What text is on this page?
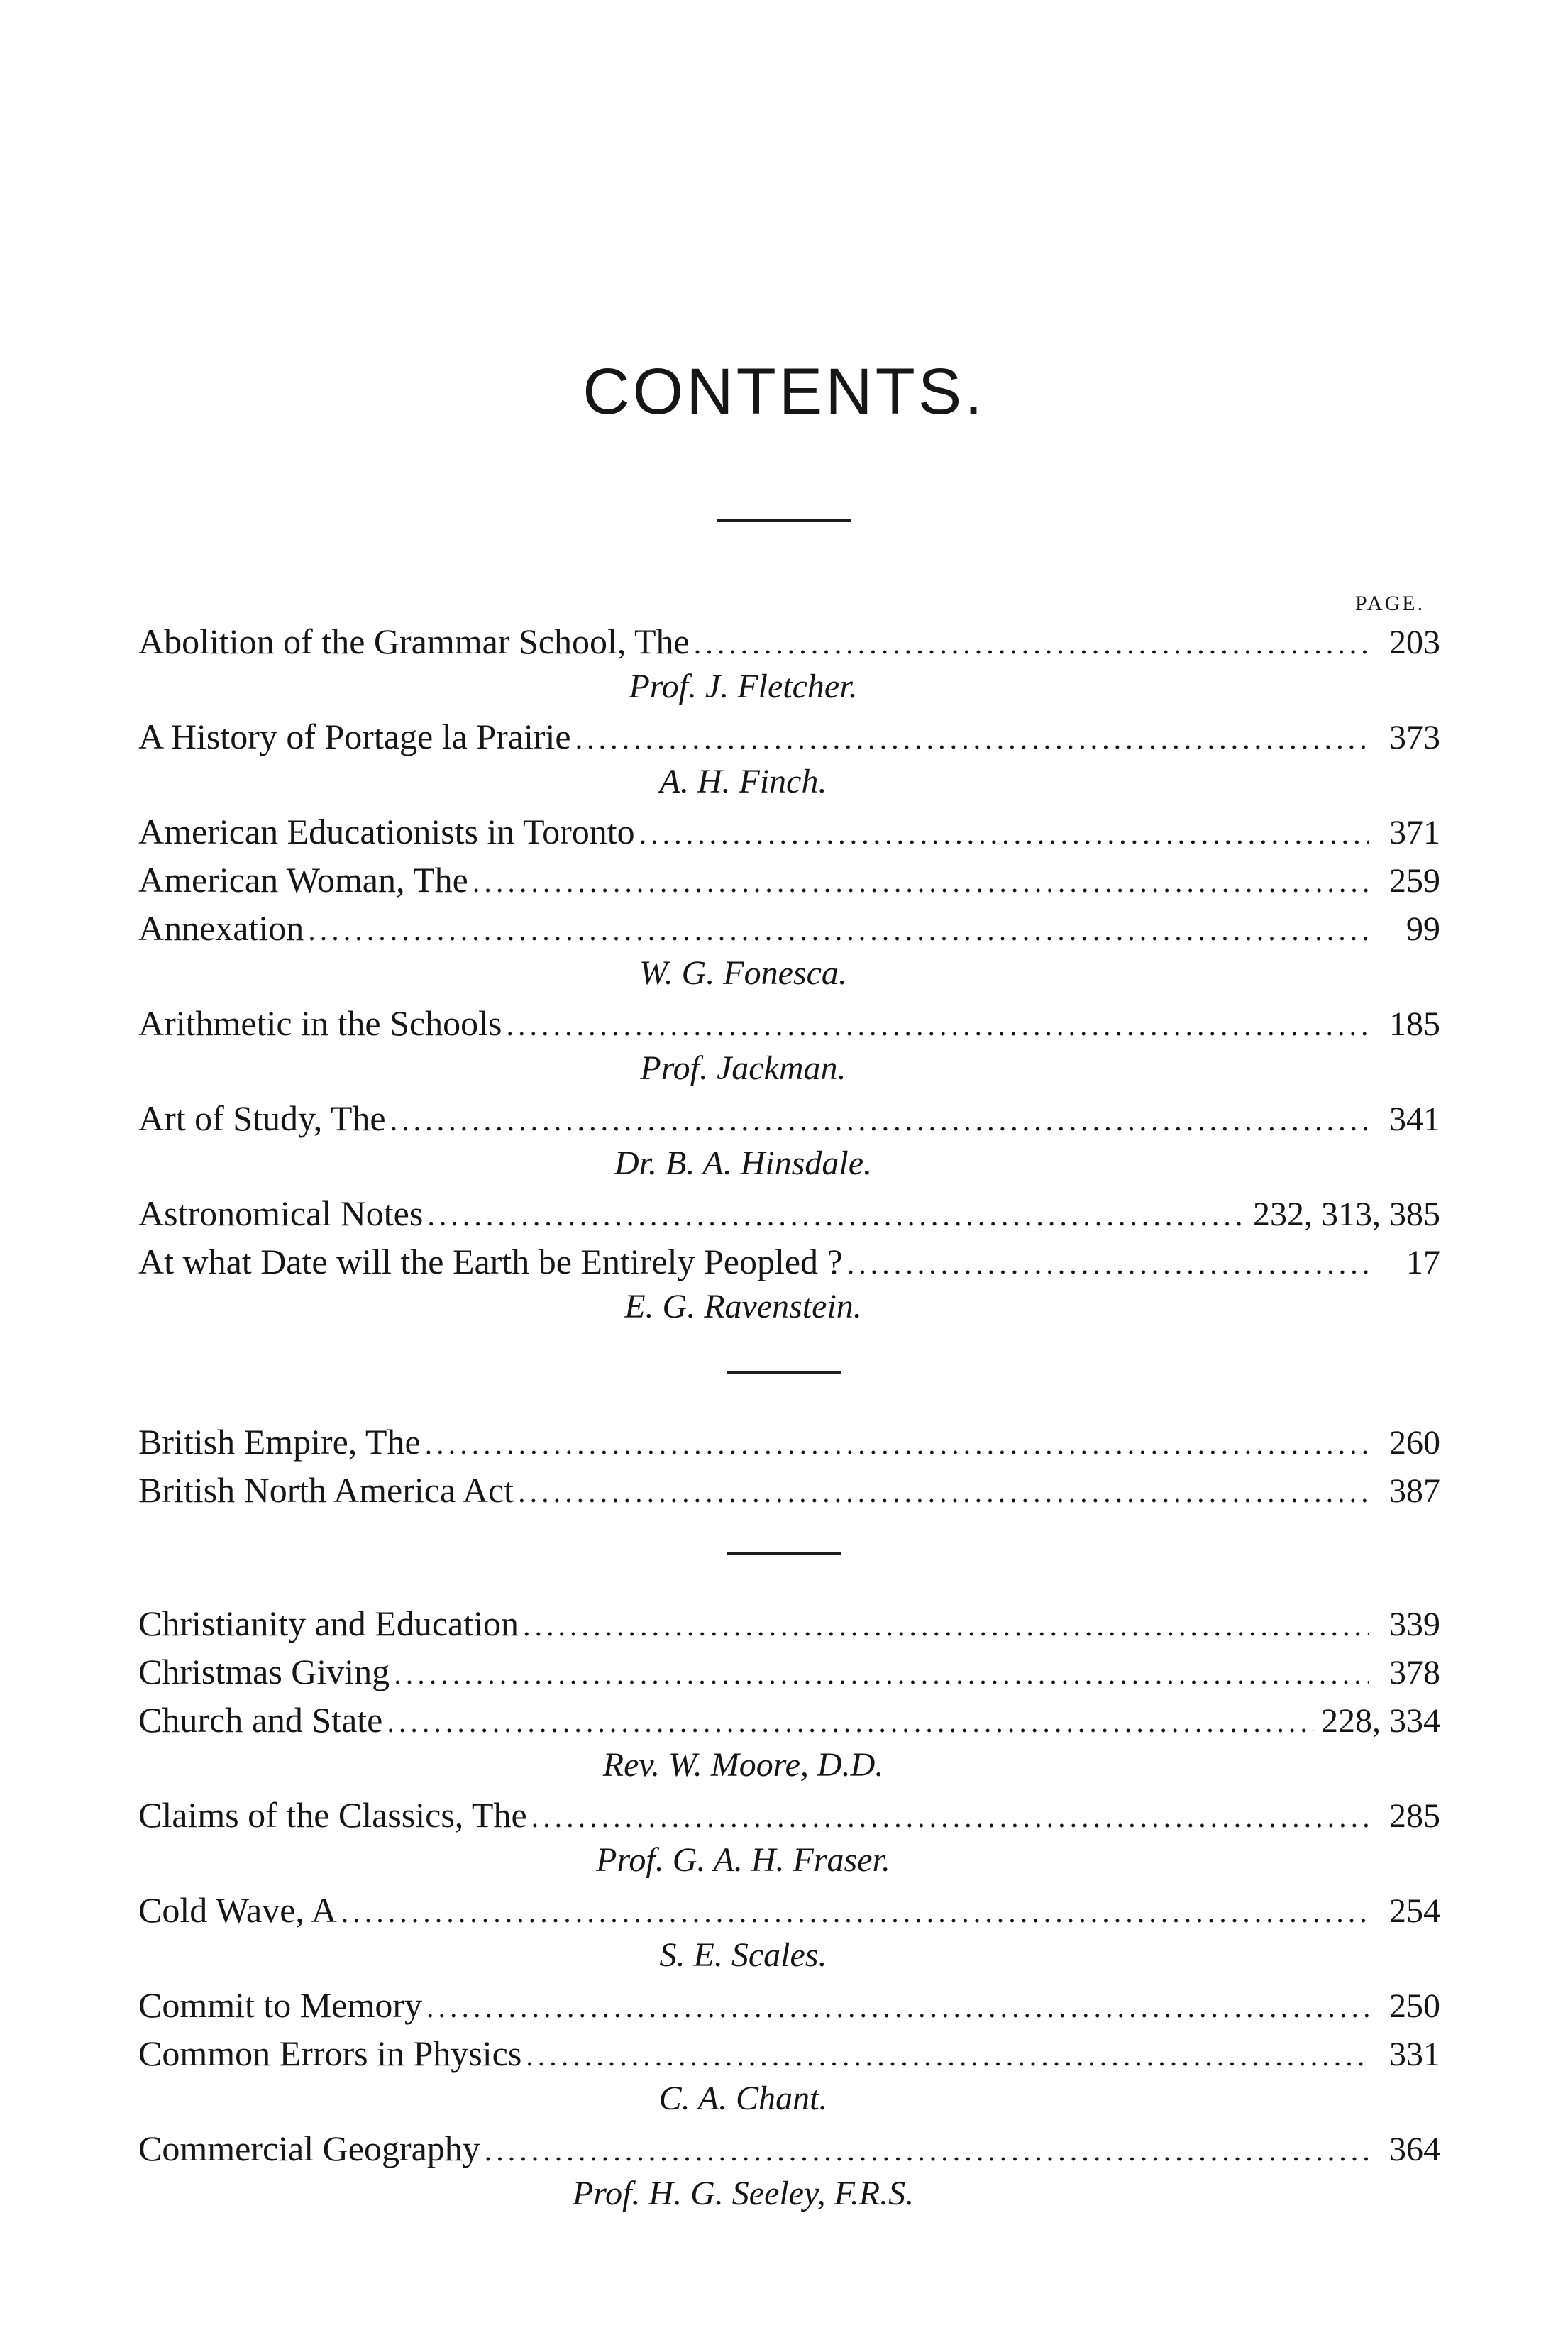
CONTENTS.
PAGE.
Abolition of the Grammar School, The .....	203
Prof. J. Fletcher.
A History of Portage la Prairie .....	373
A. H. Finch.
American Educationists in Toronto .....	371
American Woman, The .....	259
Annexation .....	99
W. G. Fonesca.
Arithmetic in the Schools .....	185
Prof. Jackman.
Art of Study, The .....	341
Dr. B. A. Hinsdale.
Astronomical Notes .....	232, 313, 385
At what Date will the Earth be Entirely Peopled ? .....	17
E. G. Ravenstein.
British Empire, The .....	260
British North America Act .....	387
Christianity and Education .....	339
Christmas Giving .....	378
Church and State .....	228, 334
Rev. W. Moore, D.D.
Claims of the Classics, The .....	285
Prof. G. A. H. Fraser.
Cold Wave, A .....	254
S. E. Scales.
Commit to Memory .....	250
Common Errors in Physics .....	331
C. A. Chant.
Commercial Geography .....	364
Prof. H. G. Seeley, F.R.S.
